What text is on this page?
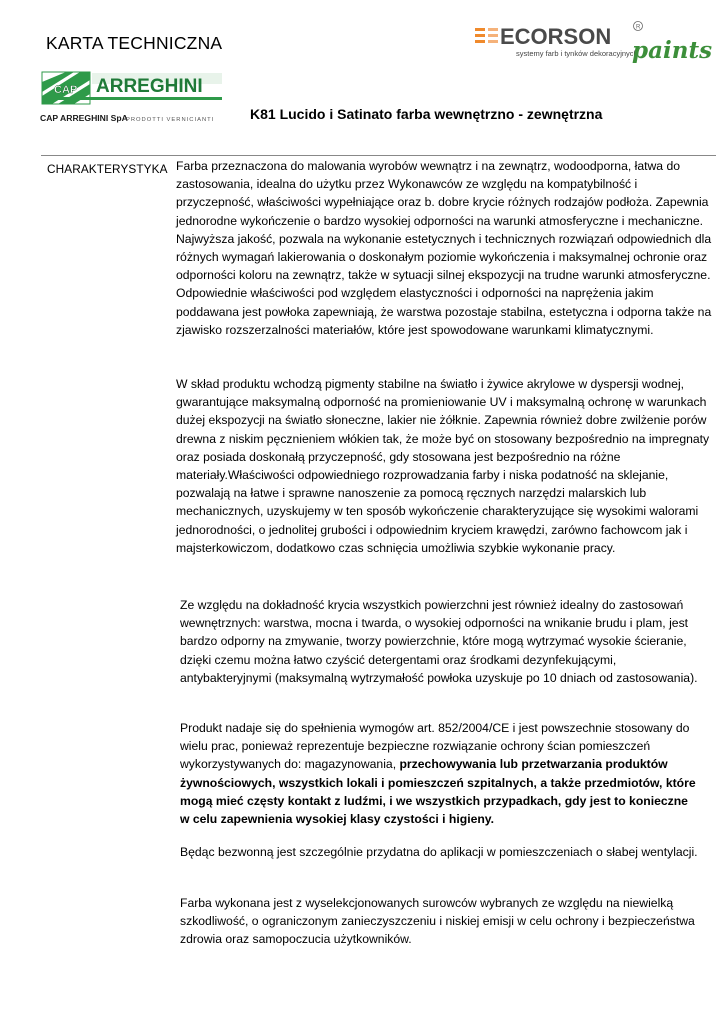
KARTA TECHNICZNA	ECORSON	R
systemy farb i tynków dekoracyjnych
paints
CAP ARREGHINI
CAP ARREGHINI SpA
PRODOTTI VERNICIANTI	K81 Lucido i Satinato farba wewnętrzno - zewnętrzna
CHARAKTERYSTYKA Farba przeznaczona do malowania wyrobów wewnątrz i na zewnątrz, wodoodporna, łatwa do zastosowania, idealna do użytku przez Wykonawców ze względu na kompatybilność i przyczepność, właściwości wypełniające oraz b. dobre krycie różnych rodzajów podłoża. Zapewnia jednorodne wykończenie o bardzo wysokiej odporności na warunki atmosferyczne i mechaniczne. Najwyższa jakość, pozwala na wykonanie estetycznych i technicznych rozwiązań odpowiednich dla różnych wymagań lakierowania o doskonałym poziomie wykończenia i maksymalnej ochronie oraz odporności koloru na zewnątrz, także w sytuacji silnej ekspozycji na trudne warunki atmosferyczne. Odpowiednie właściwości pod względem elastyczności i odporności na naprężenia jakim poddawana jest powłoka zapewniają, że warstwa pozostaje stabilna, estetyczna i odporna także na zjawisko rozszerzalności materiałów, które jest spowodowane warunkami klimatycznymi.

W skład produktu wchodzą pigmenty stabilne na światło i żywice akrylowe w dyspersji wodnej, gwarantujące maksymalną odporność na promieniowanie UV i maksymalną ochronę w warunkach dużej ekspozycji na światło słoneczne, lakier nie żółknie. Zapewnia również dobre zwilżenie porów drewna z niskim pęcznieniem włókien tak, że może być on stosowany bezpośrednio na impregnaty oraz posiada doskonałą przyczepność, gdy stosowana jest bezpośrednio na różne materiały.Właściwości odpowiedniego rozprowadzania farby i niska podatność na sklejanie, pozwalają na łatwe i sprawne nanoszenie za pomocą ręcznych narzędzi malarskich lub mechanicznych, uzyskujemy w ten sposób wykończenie charakteryzujące się wysokimi walorami jednorodności, o jednolitej grubości i odpowiednim kryciem krawędzi, zarówno fachowcom jak i majsterkowiczom, dodatkowo czas schnięcia umożliwia szybkie wykonanie pracy.

Ze względu na dokładność krycia wszystkich powierzchni jest również idealny do zastosowań wewnętrznych: warstwa, mocna i twarda, o wysokiej odporności na wnikanie brudu i plam, jest bardzo odporny na zmywanie, tworzy powierzchnie, które mogą wytrzymać wysokie ścieranie, dzięki czemu można łatwo czyścić detergentami oraz środkami dezynfekującymi, antybakteryjnymi (maksymalną wytrzymałość powłoka uzyskuje po 10 dniach od zastosowania).

Produkt nadaje się do spełnienia wymogów art. 852/2004/CE i jest powszechnie stosowany do wielu prac, ponieważ reprezentuje bezpieczne rozwiązanie ochrony ścian pomieszczeń wykorzystywanych do: magazynowania, przechowywania lub przetwarzania produktów żywnościowych, wszystkich lokali i pomieszczeń szpitalnych, a także przedmiotów, które mogą mieć częsty kontakt z ludźmi, i we wszystkich przypadkach, gdy jest to konieczne w celu zapewnienia wysokiej klasy czystości i higieny.

Będąc bezwonną jest szczególnie przydatna do aplikacji w pomieszczeniach o słabej wentylacji.

Farba wykonana jest z wyselekcjonowanych surowców wybranych ze względu na niewielką szkodliwość, o ograniczonym zanieczyszczeniu i niskiej emisji w celu ochrony i bezpieczeństwa zdrowia oraz samopoczucia użytkowników.
